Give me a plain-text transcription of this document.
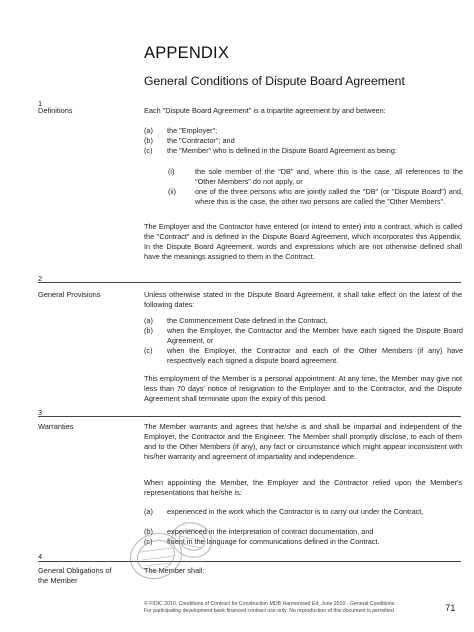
APPENDIX
General Conditions of Dispute Board Agreement
1
Definitions	Each "Dispute Board Agreement" is a tripartite agreement by and between:

(a)	the "Employer";
(b)	the "Contractor"; and
(c)	the "Member" who is defined in the Dispute Board Agreement as being:
(i)	the sole member of the "DB" and, where this is the case, all references to the "Other Members" do not apply, or
(ii)	one of the three persons who are jointly called the "DB" (or "Dispute Board") and, where this is the case, the other two persons are called the "Other Members".

The Employer and the Contractor have entered (or intend to enter) into a contract, which is called the "Contract" and is defined in the Dispute Board Agreement, which incorporates this Appendix. In the Dispute Board Agreement, words and expressions which are not otherwise defined shall have the meanings assigned to them in the Contract.

2
General Provisions	Unless otherwise stated in the Dispute Board Agreement, it shall take effect on the latest of the following dates:

(a)	the Commencement Date defined in the Contract,
(b)	when the Employer, the Contractor and the Member have each signed the Dispute Board Agreement, or
(c)	when the Employer, the Contractor and each of the Other Members (if any) have respectively each signed a dispute board agreement.

This employment of the Member is a personal appointment. At any time, the Member may give not less than 70 days' notice of resignation to the Employer and to the Contractor, and the Dispute Agreement shall terminate upon the expiry of this period.

3
Warranties	The Member warrants and agrees that he/she is and shall be impartial and independent of the Employer, the Contractor and the Engineer. The Member shall promptly disclose, to each of them and to the Other Members (if any), any fact or circumstance which might appear inconsistent with his/her warranty and agreement of impartiality and independence.

When appointing the Member, the Employer and the Contractor relied upon the Member's representations that he/she is:

(a)	experienced in the work which the Contractor is to carry out under the Contract,
(b)	experienced in the interpretation of contract documentation, and
(c)	fluent in the language for communications defined in the Contract.
4
General Obligations of
the Member

The Member shall:

© FIDIC 2010. Conditions of Contract for Construction MDB Harmonised Ed. June 2010 - General Conditions.
For participating development bank financed contract use only. No reproduction of this document is permitted.	71
